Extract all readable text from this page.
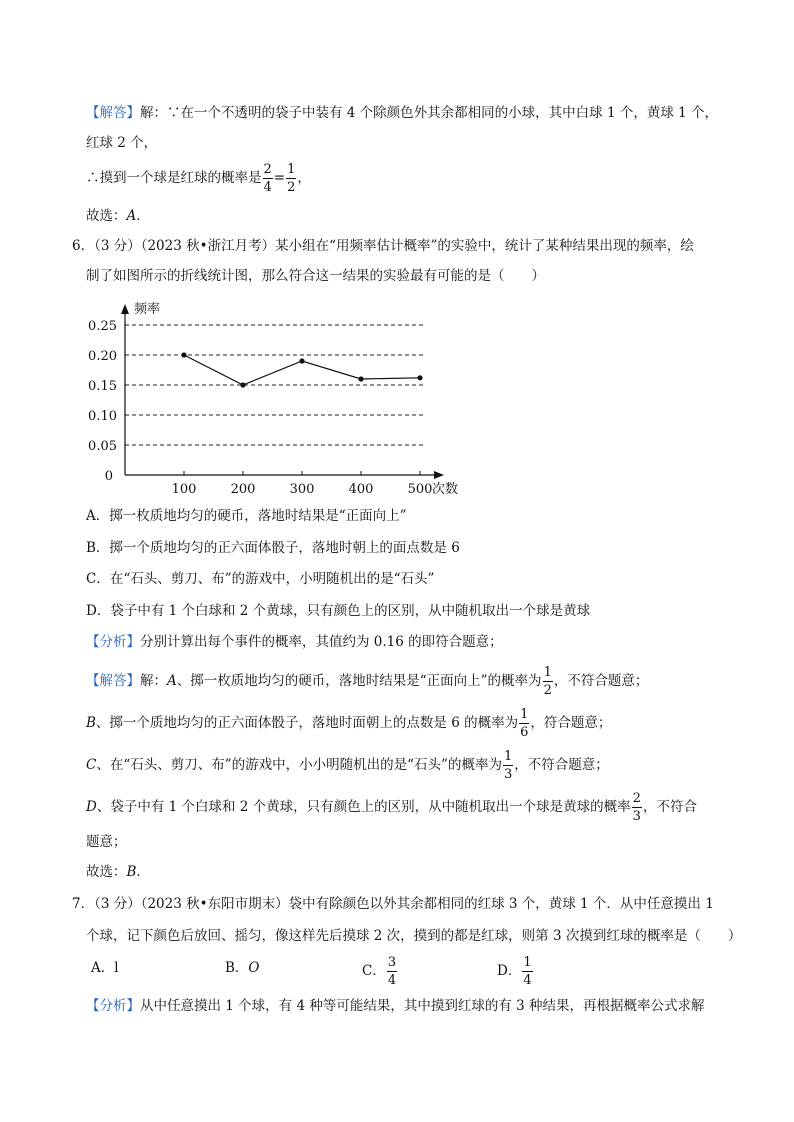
【解答】解：∵在一个不透明的袋子中装有 4 个除颜色外其余都相同的小球，其中白球 1 个，黄球 1 个，
红球 2 个，
∴摸到一个球是红球的概率是 $\frac{2}{4} = \frac{1}{2}$ ，
故选：A．
6．（3 分）（2023 秋•浙江月考）某小组在“用频率估计概率”的实验中，统计了某种结果出现的频率，绘
制了如图所示的折线统计图，那么符合这一结果的实验最有可能的是（　　）
0.05
0.10
0.15
0.20
0.25
100	200	300	400	500
0
频率
次数
A．掷一枚质地均匀的硬币，落地时结果是“正面向上”
B．掷一个质地均匀的正六面体骰子，落地时朝上的面点数是 6
C．在“石头、剪刀、布”的游戏中，小明随机出的是“石头”
D．袋子中有 1 个白球和 2 个黄球，只有颜色上的区别，从中随机取出一个球是黄球
【分析】分别计算出每个事件的概率，其值约为 0.16 的即符合题意；
【解答】解：A、掷一枚质地均匀的硬币，落地时结果是“正面向上”的概率为 $\frac{1}{2}$ ，不符合题意；
B、掷一个质地均匀的正六面体骰子，落地时面朝上的点数是 6 的概率为 $\frac{1}{6}$ ，符合题意；
C、在“石头、剪刀、布”的游戏中，小小明随机出的是“石头”的概率为 $\frac{1}{3}$ ，不符合题意；
D、袋子中有 1 个白球和 2 个黄球，只有颜色上的区别，从中随机取出一个球是黄球的概率 $\frac{2}{3}$ ，不符合
题意；
故选：B．
7．（3 分）（2023 秋•东阳市期末）袋中有除颜色以外其余都相同的红球 3 个，黄球 1 个．从中任意摸出 1
个球，记下颜色后放回、摇匀，像这样先后摸球 2 次，摸到的都是红球，则第 3 次摸到红球的概率是（　　）
A．l	B．O	C． $\frac{3}{4}$	D． $\frac{1}{4}$
【分析】从中任意摸出 1 个球，有 4 种等可能结果，其中摸到红球的有 3 种结果，再根据概率公式求解
